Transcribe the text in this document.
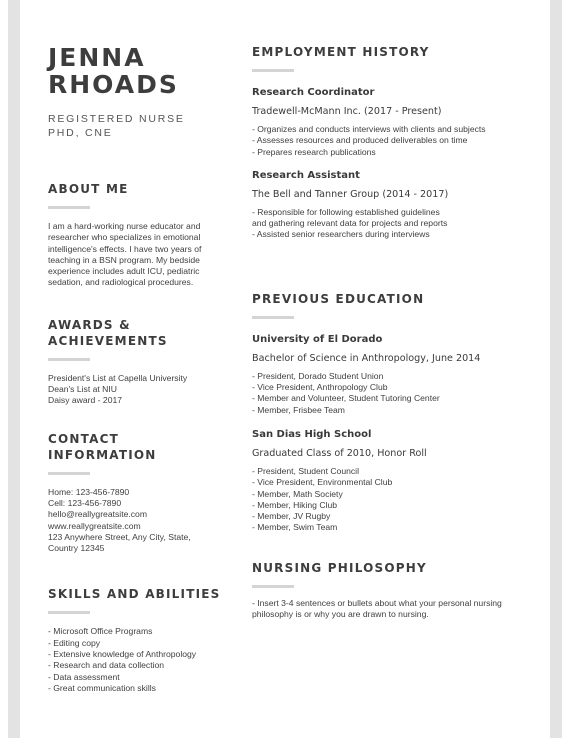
JENNA
RHOADS
REGISTERED NURSE
PHD, CNE
ABOUT ME
I am a hard-working nurse educator and researcher who specializes in emotional intelligence's effects. I have two years of teaching in a BSN program. My bedside experience includes adult ICU, pediatric sedation, and radiological procedures.
AWARDS &
ACHIEVEMENTS
President's List at Capella University
Dean's List at NIU
Daisy award - 2017
CONTACT INFORMATION
Home: 123-456-7890
Cell: 123-456-7890
hello@reallygreatsite.com
www.reallygreatsite.com
123 Anywhere Street, Any City, State,
Country 12345
SKILLS AND ABILITIES
- Microsoft Office Programs
- Editing copy
- Extensive knowledge of Anthropology
- Research and data collection
- Data assessment
- Great communication skills
EMPLOYMENT HISTORY
Research Coordinator
Tradewell-McMann Inc. (2017 - Present)
- Organizes and conducts interviews with clients and subjects
- Assesses resources and produced deliverables on time
- Prepares research publications
Research Assistant
The Bell and Tanner Group (2014 - 2017)
- Responsible for following established guidelines
and gathering relevant data for projects and reports
- Assisted senior researchers during interviews
PREVIOUS EDUCATION
University of El Dorado
Bachelor of Science in Anthropology, June 2014
- President, Dorado Student Union
- Vice President, Anthropology Club
- Member and Volunteer, Student Tutoring Center
- Member, Frisbee Team
San Dias High School
Graduated Class of 2010, Honor Roll
- President, Student Council
- Vice President, Environmental Club
- Member, Math Society
- Member, Hiking Club
- Member, JV Rugby
- Member, Swim Team
NURSING PHILOSOPHY
- Insert 3-4 sentences or bullets about what your personal nursing
philosophy is or why you are drawn to nursing.
